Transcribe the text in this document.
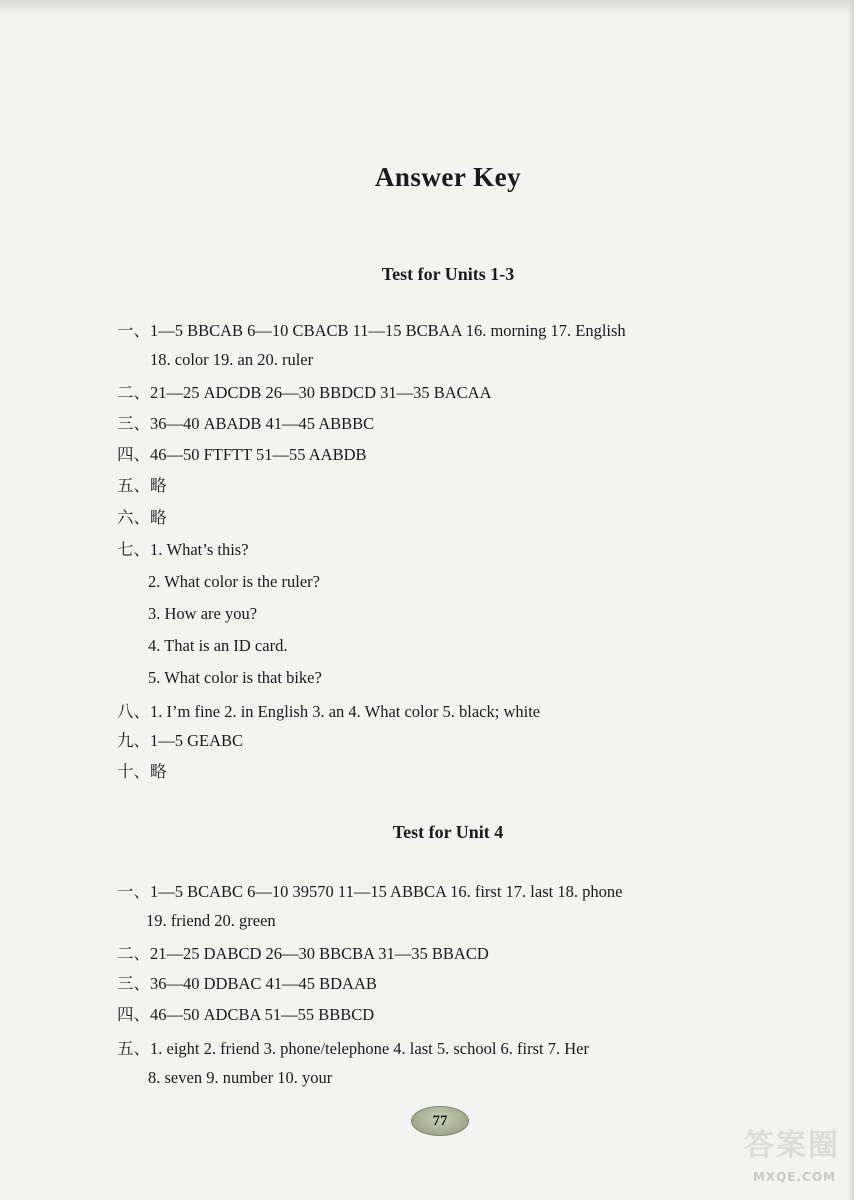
Answer Key
Test for Units 1-3
一、1—5 BBCAB 6—10 CBACB 11—15 BCBAA 16. morning 17. English
18. color 19. an 20. ruler
二、21—25 ADCDB 26—30 BBDCD 31—35 BACAA
三、36—40 ABADB 41—45 ABBBC
四、46—50 FTFTT 51—55 AABDB
五、略
六、略
七、1. What’s this?
2. What color is the ruler?
3. How are you?
4. That is an ID card.
5. What color is that bike?
八、1. I’m fine 2. in English 3. an 4. What color 5. black; white
九、1—5 GEABC
十、略
Test for Unit 4
一、1—5 BCABC 6—10 39570 11—15 ABBCA 16. first 17. last 18. phone
19. friend 20. green
二、21—25 DABCD 26—30 BBCBA 31—35 BBACD
三、36—40 DDBAC 41—45 BDAAB
四、46—50 ADCBA 51—55 BBBCD
五、1. eight 2. friend 3. phone/telephone 4. last 5. school 6. first 7. Her
8. seven 9. number 10. your
77
答案圈
MXQE.COM
